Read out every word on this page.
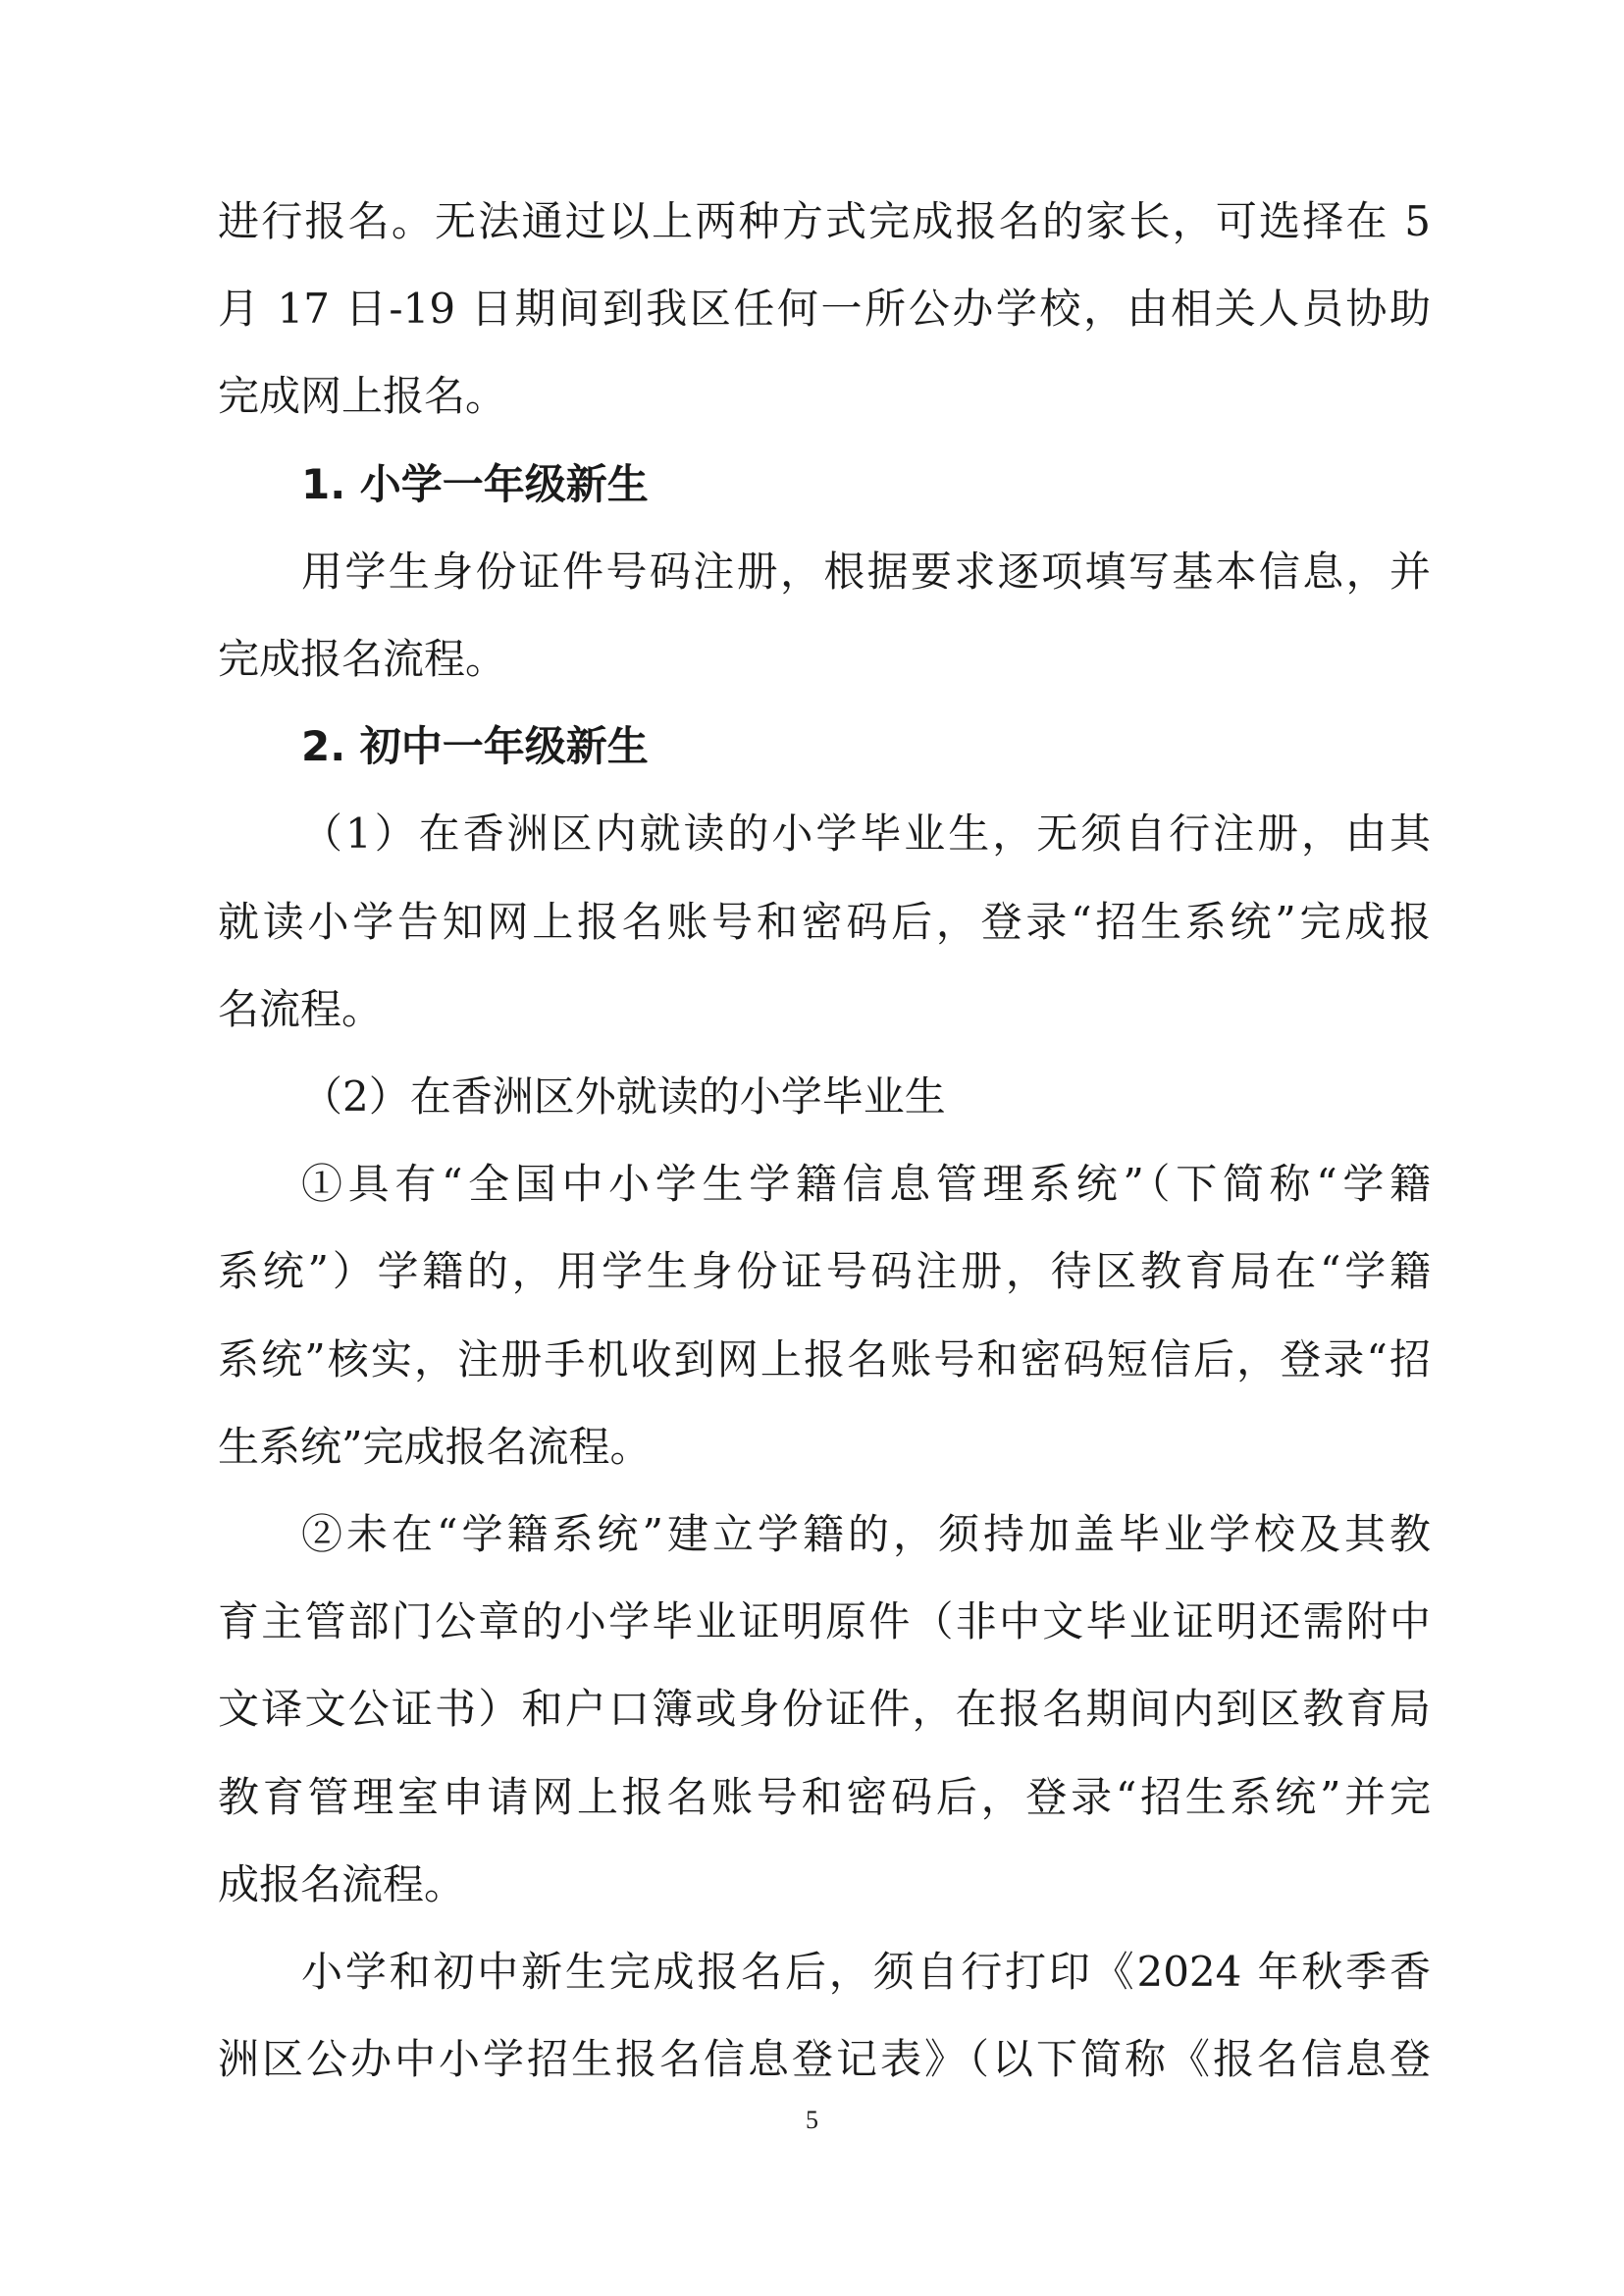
进行报名。无法通过以上两种方式完成报名的家长，可选择在 5
月 17 日-19 日期间到我区任何一所公办学校，由相关人员协助
完成网上报名。
1. 小学一年级新生
用学生身份证件号码注册，根据要求逐项填写基本信息，并
完成报名流程。
2. 初中一年级新生
（1）在香洲区内就读的小学毕业生，无须自行注册，由其
就读小学告知网上报名账号和密码后，登录“招生系统”完成报
名流程。
（2）在香洲区外就读的小学毕业生
①具有“全国中小学生学籍信息管理系统”（下简称“学籍
系统”）学籍的，用学生身份证号码注册，待区教育局在“学籍
系统”核实，注册手机收到网上报名账号和密码短信后，登录“招
生系统”完成报名流程。
②未在“学籍系统”建立学籍的，须持加盖毕业学校及其教
育主管部门公章的小学毕业证明原件（非中文毕业证明还需附中
文译文公证书）和户口簿或身份证件，在报名期间内到区教育局
教育管理室申请网上报名账号和密码后，登录“招生系统”并完
成报名流程。
小学和初中新生完成报名后，须自行打印《2024 年秋季香
洲区公办中小学招生报名信息登记表》（以下简称《报名信息登
5
